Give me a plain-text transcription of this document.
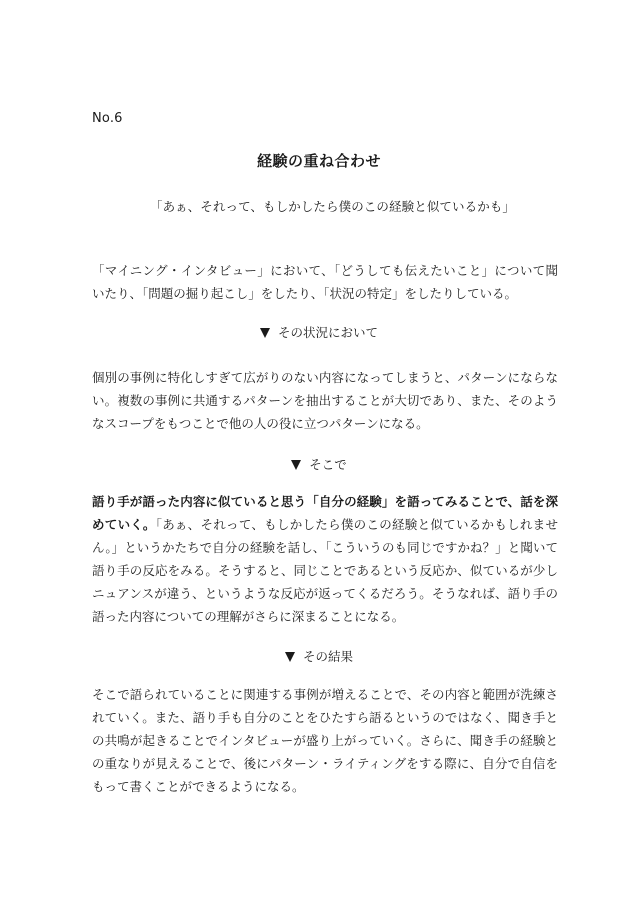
No.6
経験の重ね合わせ
「あぁ、それって、もしかしたら僕のこの経験と似ているかも」
「マイニング・インタビュー」において、「どうしても伝えたいこと」について聞いたり、「問題の掘り起こし」をしたり、「状況の特定」をしたりしている。
その状況において
個別の事例に特化しすぎて広がりのない内容になってしまうと、パターンにならない。複数の事例に共通するパターンを抽出することが大切であり、また、そのようなスコープをもつことで他の人の役に立つパターンになる。
そこで
語り手が語った内容に似ていると思う「自分の経験」を語ってみることで、話を深めていく。「あぁ、それって、もしかしたら僕のこの経験と似ているかもしれません。」というかたちで自分の経験を話し、「こういうのも同じですかね？」と聞いて語り手の反応をみる。そうすると、同じことであるという反応か、似ているが少しニュアンスが違う、というような反応が返ってくるだろう。そうなれば、語り手の語った内容についての理解がさらに深まることになる。
その結果
そこで語られていることに関連する事例が増えることで、その内容と範囲が洗練されていく。また、語り手も自分のことをひたすら語るというのではなく、聞き手との共鳴が起きることでインタビューが盛り上がっていく。さらに、聞き手の経験との重なりが見えることで、後にパターン・ライティングをする際に、自分で自信をもって書くことができるようになる。
